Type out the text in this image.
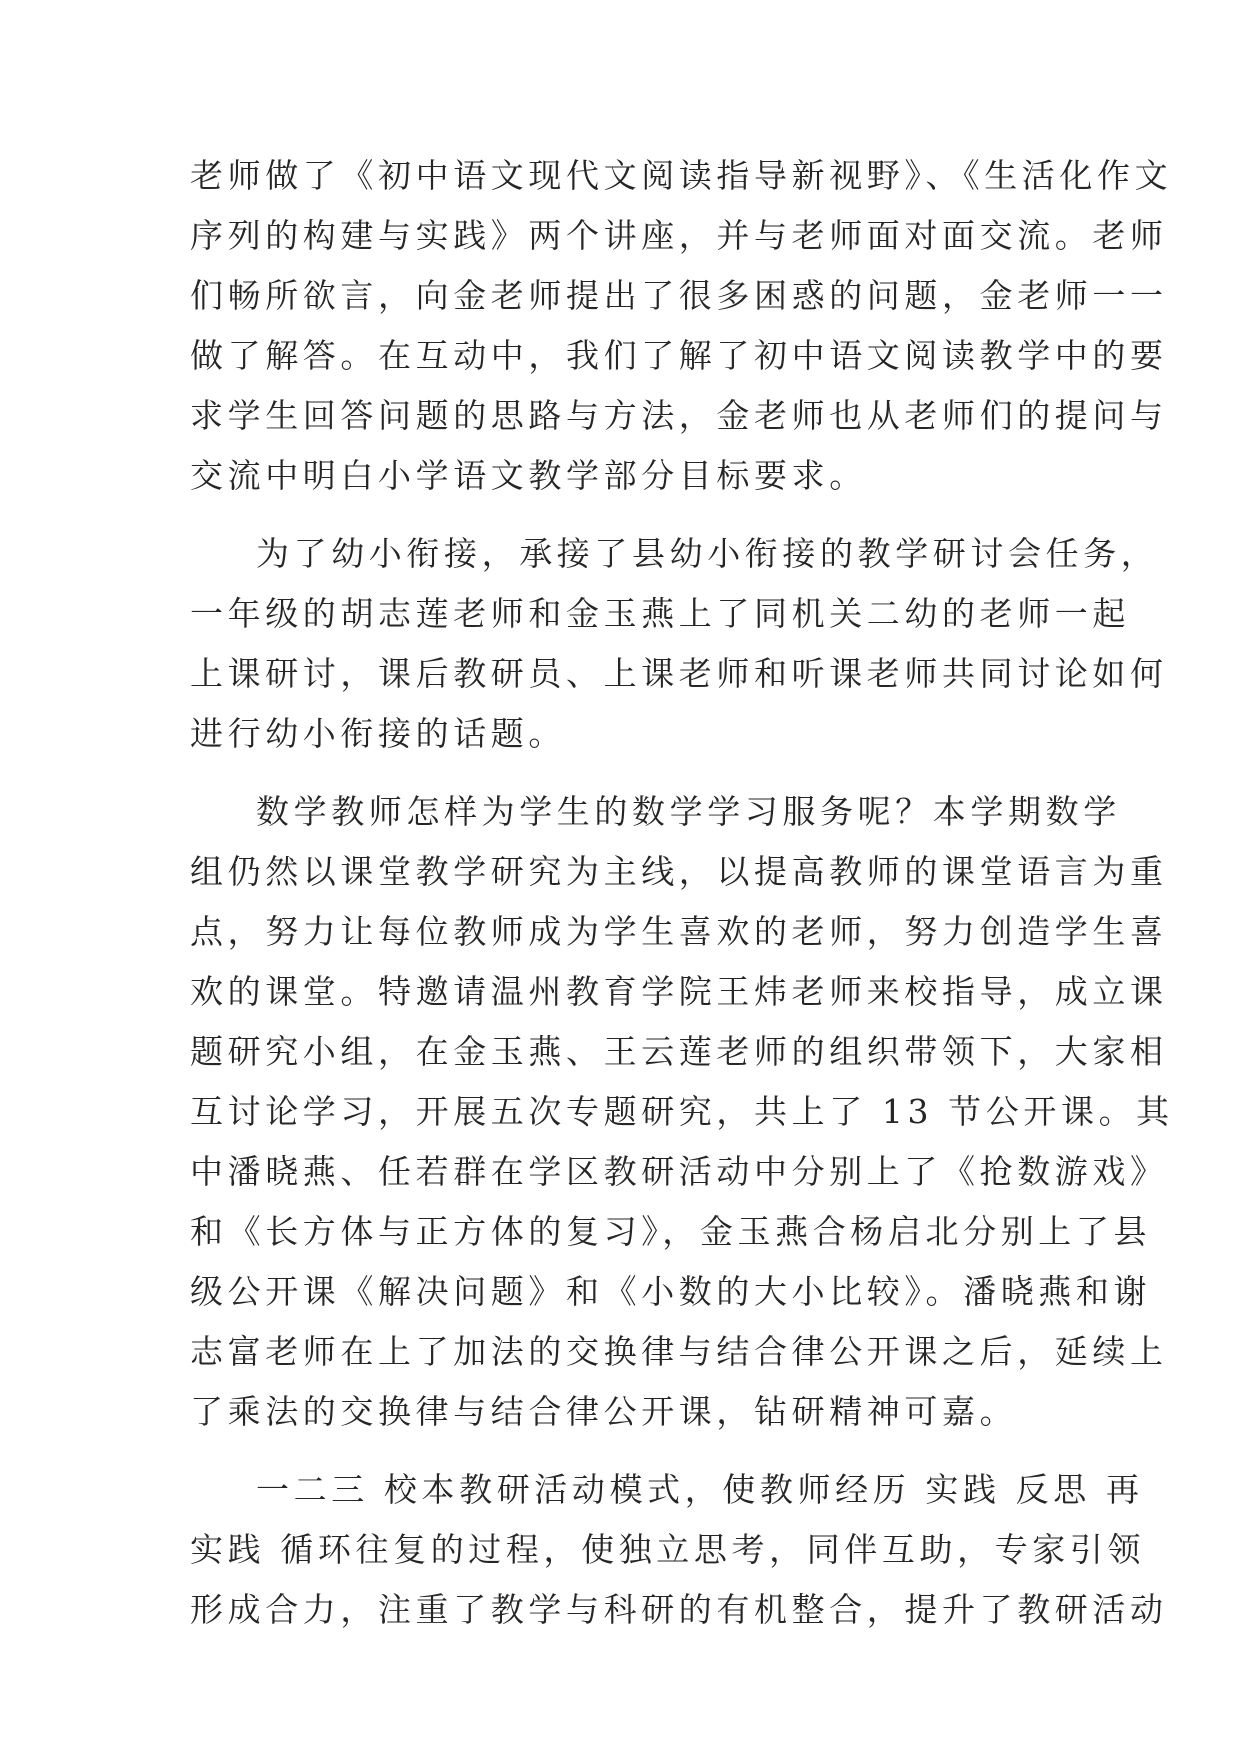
老师做了《初中语文现代文阅读指导新视野》、《生活化作文
序列的构建与实践》两个讲座，并与老师面对面交流。老师
们畅所欲言，向金老师提出了很多困惑的问题，金老师一一
做了解答。在互动中，我们了解了初中语文阅读教学中的要
求学生回答问题的思路与方法，金老师也从老师们的提问与
交流中明白小学语文教学部分目标要求。
为了幼小衔接，承接了县幼小衔接的教学研讨会任务，
一年级的胡志莲老师和金玉燕上了同机关二幼的老师一起
上课研讨，课后教研员、上课老师和听课老师共同讨论如何
进行幼小衔接的话题。
数学教师怎样为学生的数学学习服务呢？本学期数学
组仍然以课堂教学研究为主线，以提高教师的课堂语言为重
点，努力让每位教师成为学生喜欢的老师，努力创造学生喜
欢的课堂。特邀请温州教育学院王炜老师来校指导，成立课
题研究小组，在金玉燕、王云莲老师的组织带领下，大家相
互讨论学习，开展五次专题研究，共上了 13 节公开课。其
中潘晓燕、任若群在学区教研活动中分别上了《抢数游戏》
和《长方体与正方体的复习》，金玉燕合杨启北分别上了县
级公开课《解决问题》和《小数的大小比较》。潘晓燕和谢
志富老师在上了加法的交换律与结合律公开课之后，延续上
了乘法的交换律与结合律公开课，钻研精神可嘉。
一二三 校本教研活动模式，使教师经历 实践 反思 再
实践 循环往复的过程，使独立思考，同伴互助，专家引领
形成合力，注重了教学与科研的有机整合，提升了教研活动
